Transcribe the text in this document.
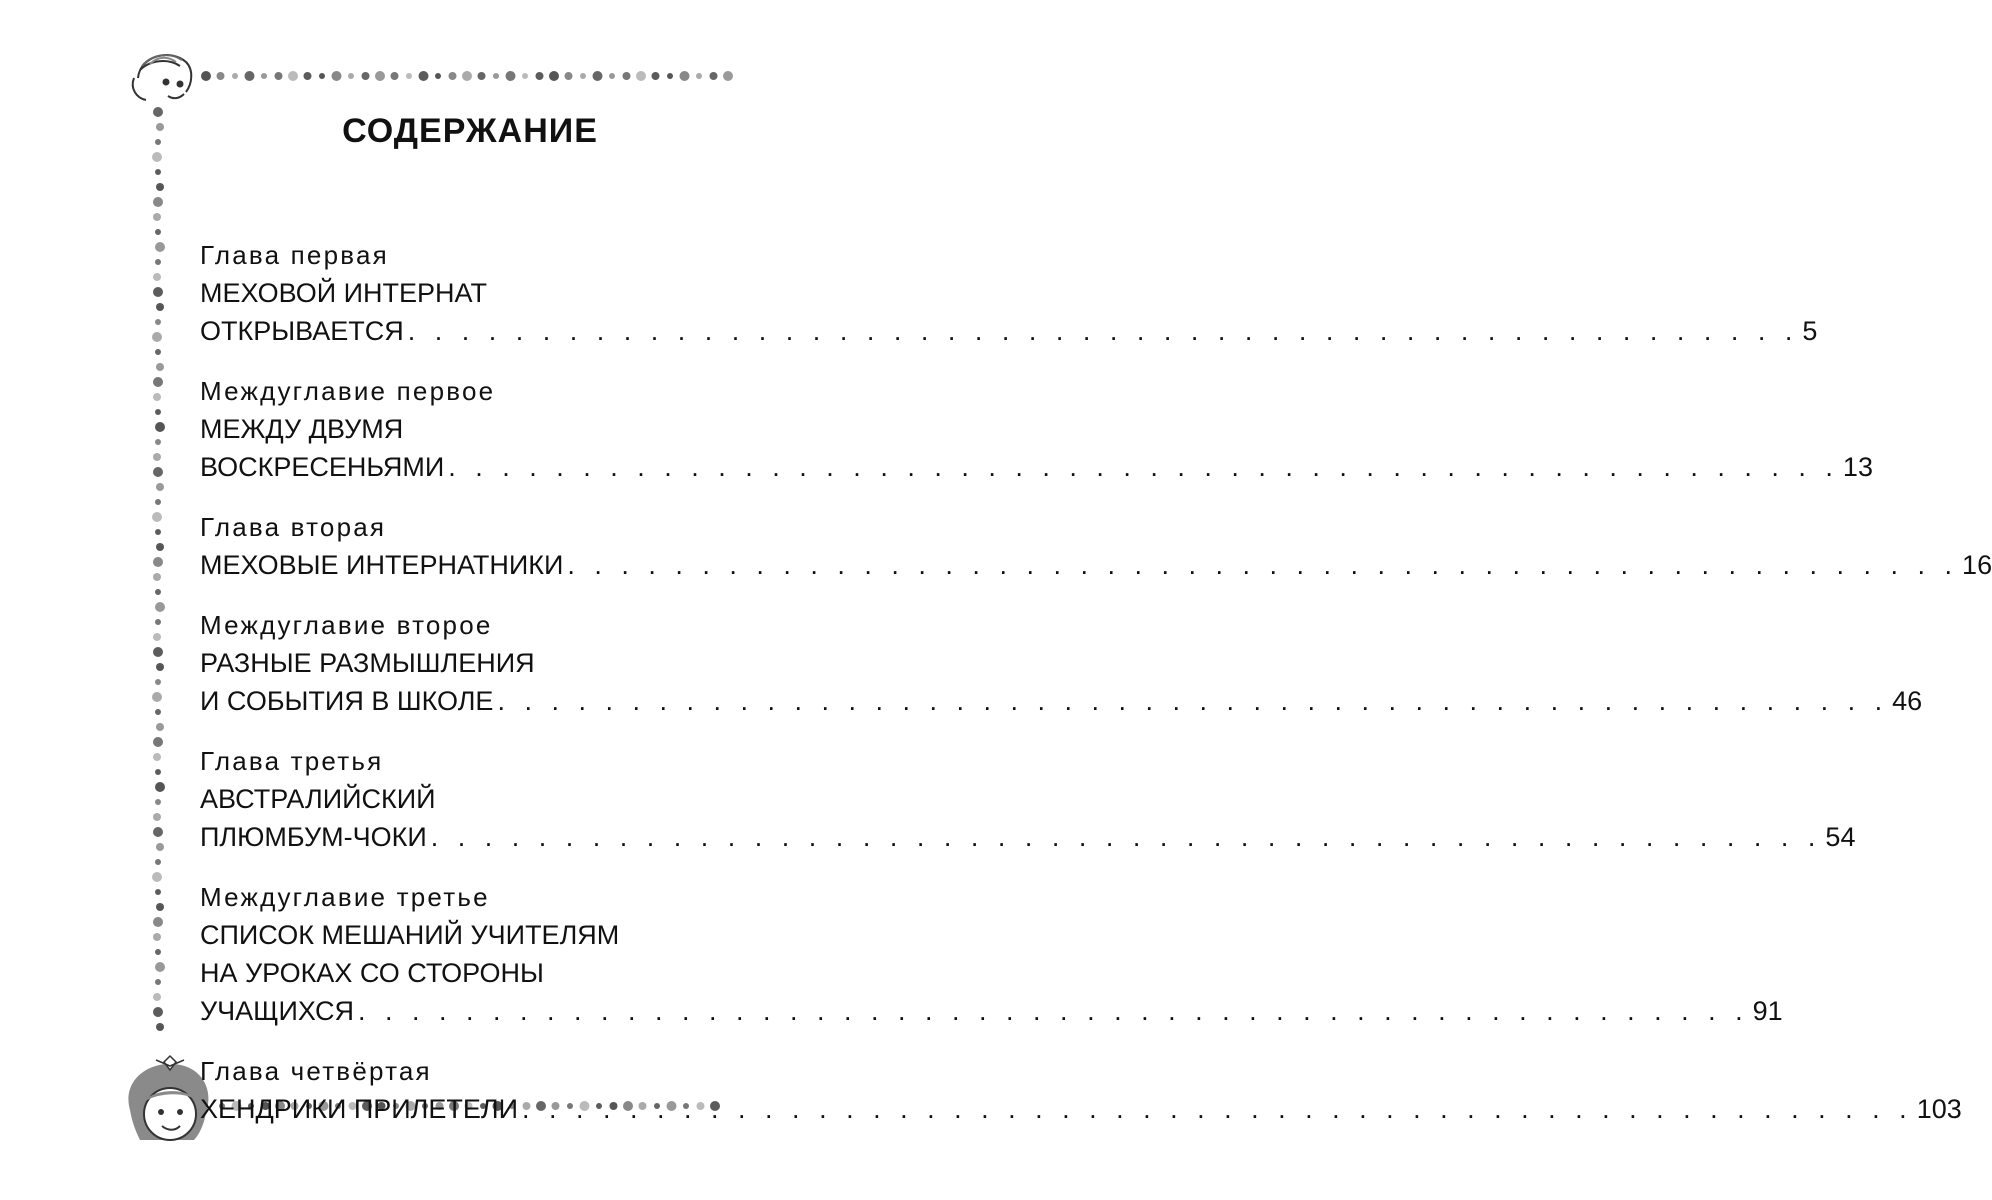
СОДЕРЖАНИЕ
Глава первая
МЕХОВОЙ ИНТЕРНАТ
ОТКРЫВАЕТСЯ . . . . . . . . . . . . . . . . . . . . . . . . . . . . . . . . . . . . . . . . . . . . . . . . . . . . 5
Междуглавие первое
МЕЖДУ ДВУМЯ
ВОСКРЕСЕНЬЯМИ . . . . . . . . . . . . . . . . . . . . . . . . . . . . . . . . . . . . . . . . . . . . . . . . . . . . 13
Глава вторая
МЕХОВЫЕ ИНТЕРНАТНИКИ . . . . . . . . . . . . . . . . . . . . . . . . . . . . . . . . . . . . . . . . . . . . . . . . . . . . 16
Междуглавие второе
РАЗНЫЕ РАЗМЫШЛЕНИЯ
И СОБЫТИЯ В ШКОЛЕ . . . . . . . . . . . . . . . . . . . . . . . . . . . . . . . . . . . . . . . . . . . . . . . . . . . . 46
Глава третья
АВСТРАЛИЙСКИЙ
ПЛЮМБУМ-ЧОКИ . . . . . . . . . . . . . . . . . . . . . . . . . . . . . . . . . . . . . . . . . . . . . . . . . . . . 54
Междуглавие третье
СПИСОК МЕШАНИЙ УЧИТЕЛЯМ
НА УРОКАХ СО СТОРОНЫ
УЧАЩИХСЯ . . . . . . . . . . . . . . . . . . . . . . . . . . . . . . . . . . . . . . . . . . . . . . . . . . . . 91
Глава четвёртая
ХЕНДРИКИ ПРИЛЕТЕЛИ . . . . . . . . . . . . . . . . . . . . . . . . . . . . . . . . . . . . . . . . . . . . . . . . . . . . 103
